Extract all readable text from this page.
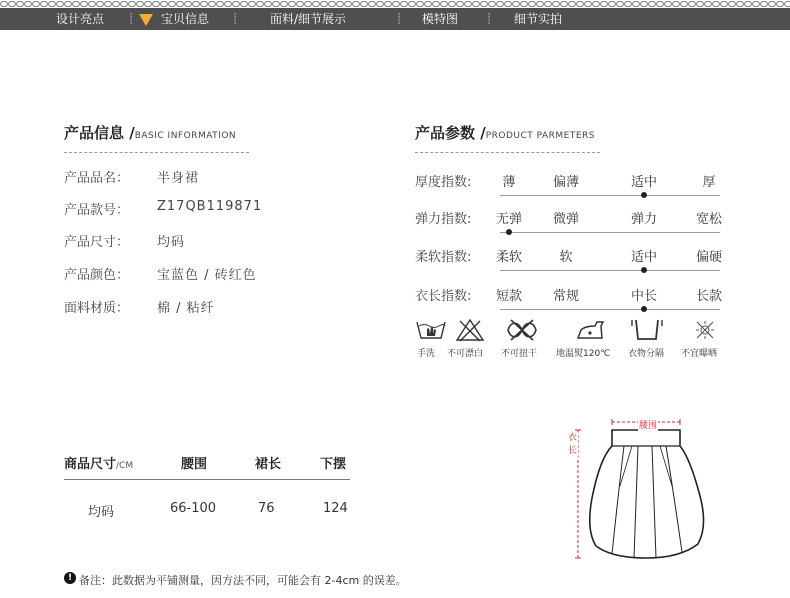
设计亮点 ┊ 宝贝信息 ┊	面料/细节展示	┊ 模特图	┊ 细节实拍
产品信息 /BASIC INFORMATION
产品品名： 半身裙
产品款号： Z17QB119871
产品尺寸： 均码
产品颜色： 宝蓝色 / 砖红色
面料材质： 棉 / 粘纤
产品参数 /PRODUCT PARMETERS
厚度指数:	薄	偏薄	适中	厚
弹力指数:	无弹	微弹	弹力	宽松
柔软指数:	柔软	软	适中	偏硬
衣长指数:	短款	常规	中长	长款
手洗 不可漂白 不可扭干 地温熨120℃ 衣物分隔 不宜曝晒
商品尺寸/CM	腰围	裙长	下摆
均码	66-100	76	124
腰围
衣长
! 备注：此数据为平铺测量，因方法不同，可能会有 2-4cm 的误差。
